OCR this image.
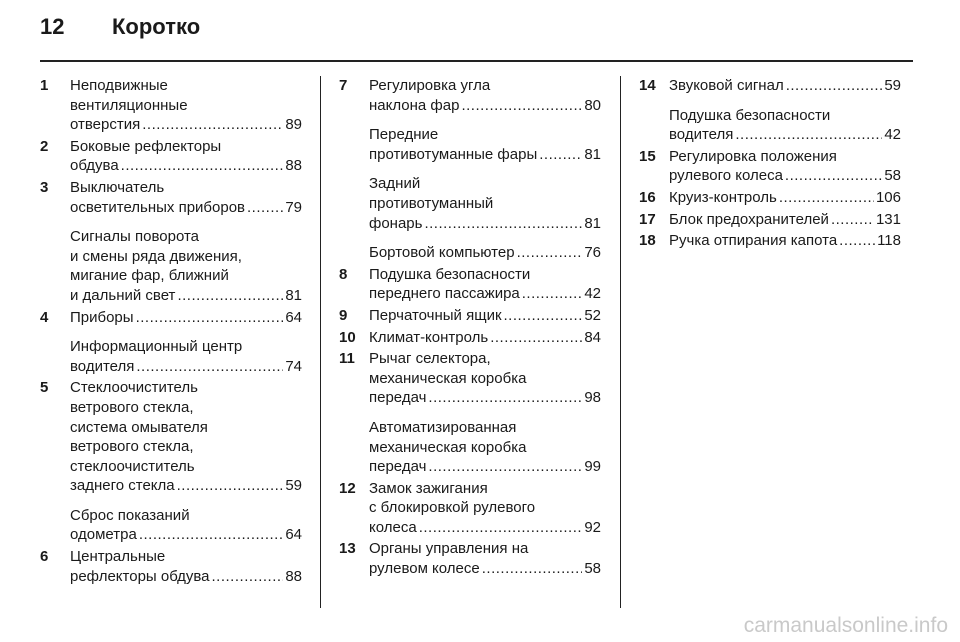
12	Коротко
1 Неподвижные
вентиляционные
отверстия .....	89
2 Боковые рефлекторы
обдува .....	88
3 Выключатель
осветительных приборов .....	79
Сигналы поворота
и смены ряда движения,
мигание фар, ближний
и дальний свет .....	81
4 Приборы .....	64
Информационный центр
водителя .....	74
5 Стеклоочиститель
ветрового стекла,
система омывателя
ветрового стекла,
стеклоочиститель
заднего стекла .....	59
Сброс показаний
одометра .....	64
6 Центральные
рефлекторы обдува .....	88
7 Регулировка угла
наклона фар .....	80
Передние
противотуманные фары .....	81
Задний
противотуманный
фонарь .....	81
Бортовой компьютер .....	76
8 Подушка безопасности
переднего пассажира .....	42
9 Перчаточный ящик .....	52
10 Климат-контроль .....	84
11 Рычаг селектора,
механическая коробка
передач .....	98
Автоматизированная
механическая коробка
передач .....	99
12 Замок зажигания
с блокировкой рулевого
колеса .....	92
13 Органы управления на
рулевом колесе .....	58
14 Звуковой сигнал .....	59
Подушка безопасности
водителя .....	42
15 Регулировка положения
рулевого колеса .....	58
16 Круиз-контроль .....	106
17 Блок предохранителей .....	131
18 Ручка отпирания капота .....	118
carmanualsonline.info
